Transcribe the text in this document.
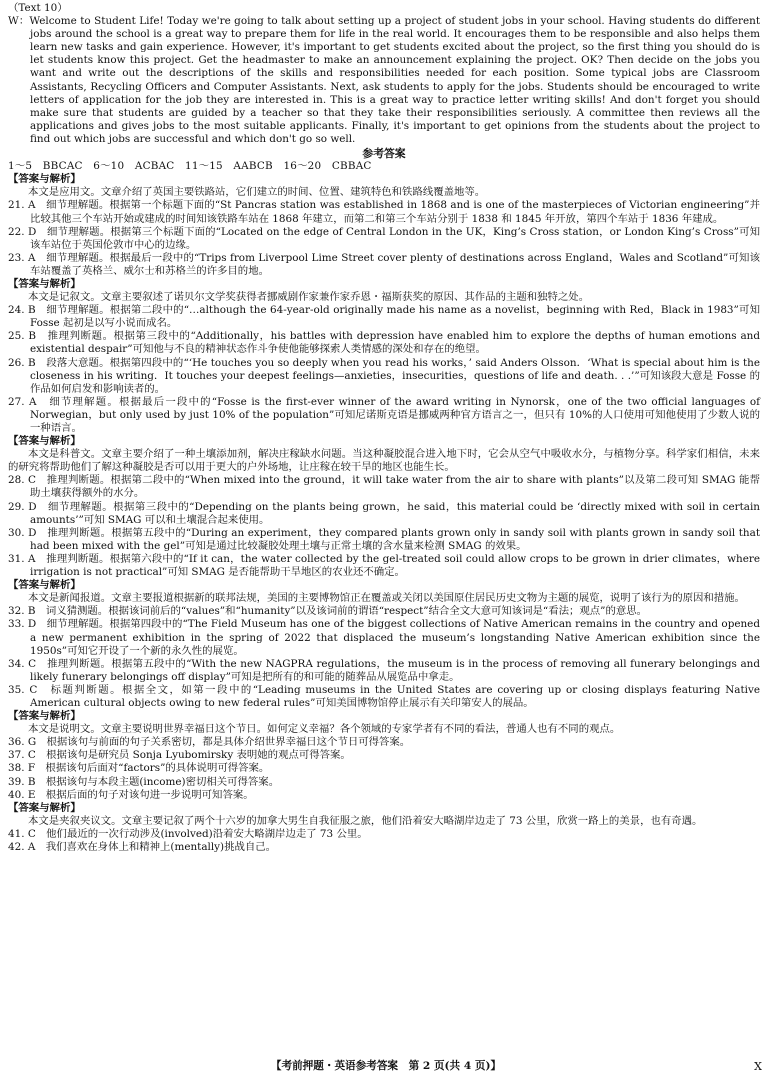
（Text 10）

W：Welcome to Student Life! Today we're going to talk about setting up a project of student jobs in your school. Having students do different jobs around the school is a great way to prepare them for life in the real world. It encourages them to be responsible and also helps them learn new tasks and gain experience. However, it's important to get students excited about the project, so the first thing you should do is let students know this project. Get the headmaster to make an announcement explaining the project. OK? Then decide on the jobs you want and write out the descriptions of the skills and responsibilities needed for each position. Some typical jobs are Classroom Assistants, Recycling Officers and Computer Assistants. Next, ask students to apply for the jobs. Students should be encouraged to write letters of application for the job they are interested in. This is a great way to practice letter writing skills! And don't forget you should make sure that students are guided by a teacher so that they take their responsibilities seriously. A committee then reviews all the applications and gives jobs to the most suitable applicants. Finally, it's important to get opinions from the students about the project to find out which jobs are successful and which don't go so well.

参考答案
1～5　BBCAC　6～10　ACBAC　11～15　AABCB　16～20　CBBAC
【答案与解析】

本文是应用文。文章介绍了英国主要铁路站，它们建立的时间、位置、建筑特色和铁路线覆盖地等。

21. A　细节理解题。根据第一个标题下面的“St Pancras station was established in 1868 and is one of the masterpieces of Victorian engineering”并比较其他三个车站开始或建成的时间知该铁路车站在 1868 年建立，而第二和第三个车站分别于 1838 和 1845 年开放，第四个车站于 1836 年建成。

22. D　细节理解题。根据第三个标题下面的“Located on the edge of Central London in the UK，King’s Cross station，or London King’s Cross”可知该车站位于英国伦敦市中心的边缘。

23. A　细节理解题。根据最后一段中的“Trips from Liverpool Lime Street cover plenty of destinations across England，Wales and Scotland”可知该车站覆盖了英格兰、威尔士和苏格兰的许多目的地。

【答案与解析】

本文是记叙文。文章主要叙述了诺贝尔文学奖获得者挪威剧作家兼作家乔恩・福斯获奖的原因、其作品的主题和独特之处。

24. B　细节理解题。根据第二段中的“…although the 64-year-old originally made his name as a novelist，beginning with Red，Black in 1983”可知 Fosse 起初是以写小说而成名。

25. B　推理判断题。根据第三段中的“Additionally，his battles with depression have enabled him to explore the depths of human emotions and existential despair”可知他与不良的精神状态作斗争使他能够探索人类情感的深处和存在的绝望。

26. B　段落大意题。根据第四段中的“‘He touches you so deeply when you read his works，’ said Anders Olsson．‘What is special about him is the closeness in his writing．It touches your deepest feelings—anxieties，insecurities，questions of life and death. . .’”可知该段大意是 Fosse 的作品如何启发和影响读者的。

27. A　细节理解题。根据最后一段中的“Fosse is the first-ever winner of the award writing in Nynorsk，one of the two official languages of Norwegian，but only used by just 10% of the population”可知尼诺斯克语是挪威两种官方语言之一，但只有 10%的人口使用可知他使用了少数人说的一种语言。

【答案与解析】

本文是科普文。文章主要介绍了一种土壤添加剂，解决庄稼缺水问题。当这种凝胶混合进入地下时，它会从空气中吸收水分，与植物分享。科学家们相信，未来的研究将帮助他们了解这种凝胶是否可以用于更大的户外场地，让庄稼在较干旱的地区也能生长。

28. C　推理判断题。根据第二段中的“When mixed into the ground，it will take water from the air to share with plants”以及第二段可知 SMAG 能帮助土壤获得额外的水分。

29. D　细节理解题。根据第三段中的“Depending on the plants being grown，he said，this material could be ‘directly mixed with soil in certain amounts’”可知 SMAG 可以和土壤混合起来使用。

30. D　推理判断题。根据第五段中的“During an experiment，they compared plants grown only in sandy soil with plants grown in sandy soil that had been mixed with the gel”可知是通过比较凝胶处理土壤与正常土壤的含水量来检测 SMAG 的效果。

31. A　推理判断题。根据第六段中的“If it can，the water collected by the gel-treated soil could allow crops to be grown in drier climates，where irrigation is not practical”可知 SMAG 是否能帮助干旱地区的农业还不确定。

【答案与解析】

本文是新闻报道。文章主要报道根据新的联邦法规，美国的主要博物馆正在覆盖或关闭以美国原住居民历史文物为主题的展览，说明了该行为的原因和措施。

32. B　词义猜测题。根据该词前后的“values”和“humanity”以及该词前的谓语“respect”结合全文大意可知该词是“看法；观点”的意思。

33. D　细节理解题。根据第四段中的“The Field Museum has one of the biggest collections of Native American remains in the country and opened a new permanent exhibition in the spring of 2022 that displaced the museum’s longstanding Native American exhibition since the 1950s”可知它开设了一个新的永久性的展览。

34. C　推理判断题。根据第五段中的“With the new NAGPRA regulations，the museum is in the process of removing all funerary belongings and likely funerary belongings off display”可知是把所有的和可能的随葬品从展览品中拿走。

35. C　标题判断题。根据全文，如第一段中的“Leading museums in the United States are covering up or closing displays featuring Native American cultural objects owing to new federal rules”可知美国博物馆停止展示有关印第安人的展品。

【答案与解析】

本文是说明文。文章主要说明世界幸福日这个节日。如何定义幸福？各个领域的专家学者有不同的看法，普通人也有不同的观点。

36. G　根据该句与前面的句子关系密切，都是具体介绍世界幸福日这个节日可得答案。

37. C　根据该句是研究员 Sonja Lyubomirsky 表明她的观点可得答案。

38. F　根据该句后面对“factors”的具体说明可得答案。

39. B　根据该句与本段主题(income)密切相关可得答案。

40. E　根据后面的句子对该句进一步说明可知答案。

【答案与解析】

本文是夹叙夹议文。文章主要记叙了两个十六岁的加拿大男生自我征服之旅，他们沿着安大略湖岸边走了 73 公里，欣赏一路上的美景，也有奇遇。

41. C　他们最近的一次行动涉及(involved)沿着安大略湖岸边走了 73 公里。

42. A　我们喜欢在身体上和精神上(mentally)挑战自己。

【考前押题・英语参考答案　第 2 页(共 4 页)】	X
